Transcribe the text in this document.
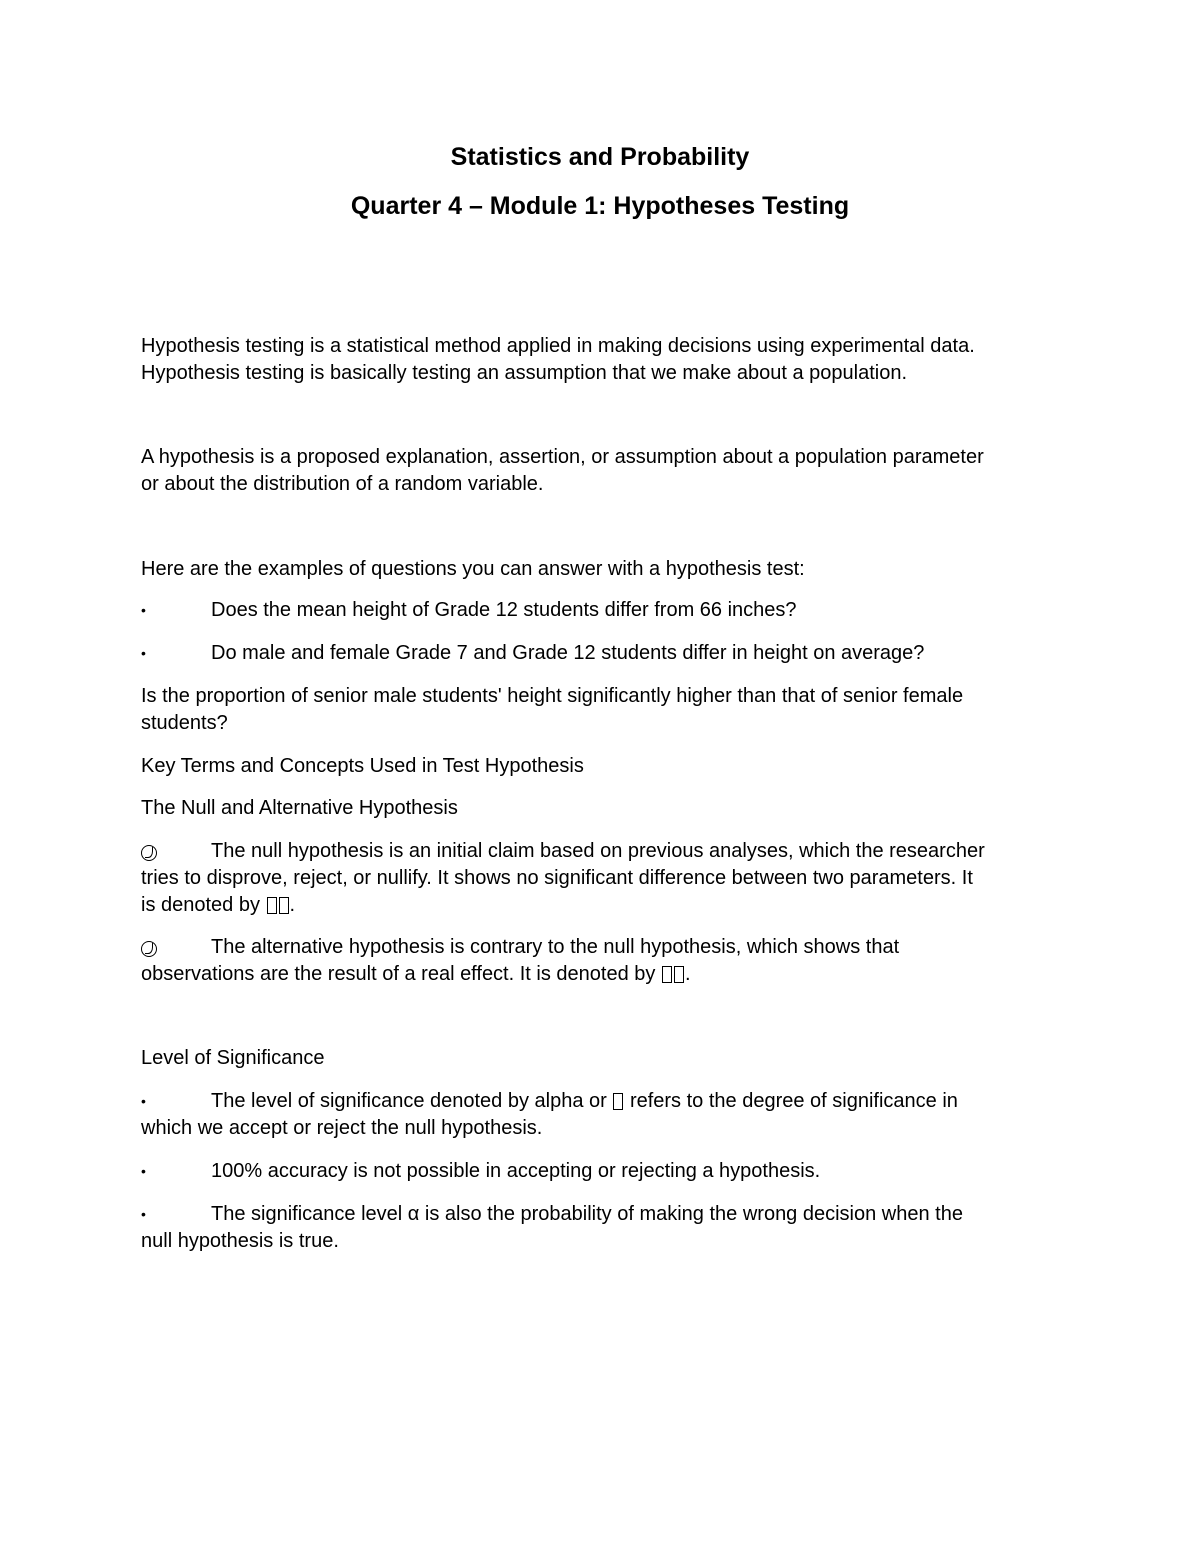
Statistics and Probability
Quarter 4 – Module 1: Hypotheses Testing
Hypothesis testing is a statistical method applied in making decisions using experimental data.
Hypothesis testing is basically testing an assumption that we make about a population.
A hypothesis is a proposed explanation, assertion, or assumption about a population parameter
or about the distribution of a random variable.
Here are the examples of questions you can answer with a hypothesis test:
•	Does the mean height of Grade 12 students differ from 66 inches?
•	Do male and female Grade 7 and Grade 12 students differ in height on average?
Is the proportion of senior male students' height significantly higher than that of senior female
students?
Key Terms and Concepts Used in Test Hypothesis
The Null and Alternative Hypothesis
The null hypothesis is an initial claim based on previous analyses, which the researcher
tries to disprove, reject, or nullify. It shows no significant difference between two parameters. It
is denoted by .
The alternative hypothesis is contrary to the null hypothesis, which shows that
observations are the result of a real effect. It is denoted by .
Level of Significance
•	The level of significance denoted by alpha or refers to the degree of significance in
which we accept or reject the null hypothesis.
•	100% accuracy is not possible in accepting or rejecting a hypothesis.
•	The significance level α is also the probability of making the wrong decision when the
null hypothesis is true.
